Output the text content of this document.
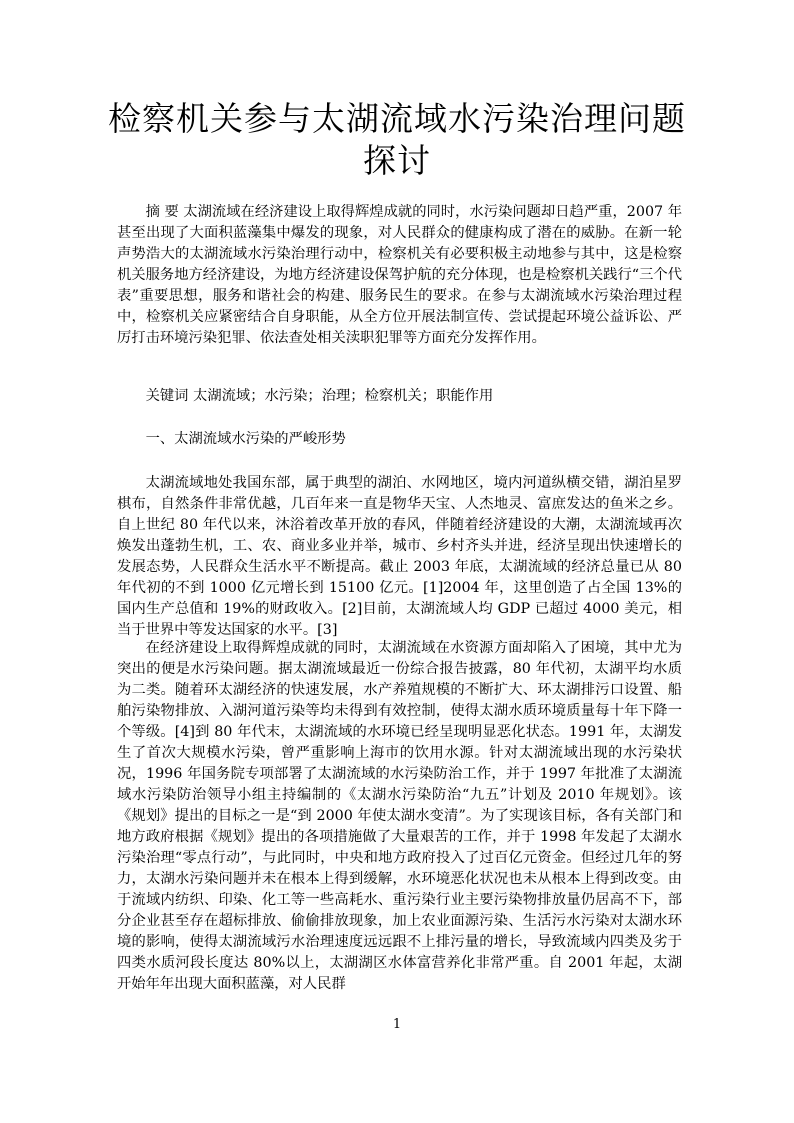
检察机关参与太湖流域水污染治理问题
探讨

摘 要 太湖流域在经济建设上取得辉煌成就的同时，水污染问题却日趋严重，2007 年甚至出现了大面积蓝藻集中爆发的现象，对人民群众的健康构成了潜在的威胁。在新一轮声势浩大的太湖流域水污染治理行动中，检察机关有必要积极主动地参与其中，这是检察机关服务地方经济建设，为地方经济建设保驾护航的充分体现，也是检察机关践行“三个代表”重要思想，服务和谐社会的构建、服务民生的要求。在参与太湖流域水污染治理过程中，检察机关应紧密结合自身职能，从全方位开展法制宣传、尝试提起环境公益诉讼、严厉打击环境污染犯罪、依法查处相关渎职犯罪等方面充分发挥作用。

关键词 太湖流域；水污染；治理；检察机关；职能作用

一、太湖流域水污染的严峻形势

太湖流域地处我国东部，属于典型的湖泊、水网地区，境内河道纵横交错，湖泊星罗棋布，自然条件非常优越，几百年来一直是物华天宝、人杰地灵、富庶发达的鱼米之乡。自上世纪 80 年代以来，沐浴着改革开放的春风，伴随着经济建设的大潮，太湖流域再次焕发出蓬勃生机，工、农、商业多业并举，城市、乡村齐头并进，经济呈现出快速增长的发展态势，人民群众生活水平不断提高。截止 2003 年底，太湖流域的经济总量已从 80 年代初的不到 1000 亿元增长到 15100 亿元。[1]2004 年，这里创造了占全国 13%的国内生产总值和 19%的财政收入。[2]目前，太湖流域人均 GDP 已超过 4000 美元，相当于世界中等发达国家的水平。[3]

在经济建设上取得辉煌成就的同时，太湖流域在水资源方面却陷入了困境，其中尤为突出的便是水污染问题。据太湖流域最近一份综合报告披露，80 年代初，太湖平均水质为二类。随着环太湖经济的快速发展，水产养殖规模的不断扩大、环太湖排污口设置、船舶污染物排放、入湖河道污染等均未得到有效控制，使得太湖水质环境质量每十年下降一个等级。[4]到 80 年代末，太湖流域的水环境已经呈现明显恶化状态。1991 年，太湖发生了首次大规模水污染，曾严重影响上海市的饮用水源。针对太湖流域出现的水污染状况，1996 年国务院专项部署了太湖流域的水污染防治工作，并于 1997 年批准了太湖流域水污染防治领导小组主持编制的《太湖水污染防治“九五”计划及 2010 年规划》。该《规划》提出的目标之一是“到 2000 年使太湖水变清”。为了实现该目标，各有关部门和地方政府根据《规划》提出的各项措施做了大量艰苦的工作，并于 1998 年发起了太湖水污染治理“零点行动”，与此同时，中央和地方政府投入了过百亿元资金。但经过几年的努力，太湖水污染问题并未在根本上得到缓解，水环境恶化状况也未从根本上得到改变。由于流域内纺织、印染、化工等一些高耗水、重污染行业主要污染物排放量仍居高不下，部分企业甚至存在超标排放、偷偷排放现象，加上农业面源污染、生活污水污染对太湖水环境的影响，使得太湖流域污水治理速度远远跟不上排污量的增长，导致流域内四类及劣于四类水质河段长度达 80%以上，太湖湖区水体富营养化非常严重。自 2001 年起，太湖开始年年出现大面积蓝藻，对人民群

1
